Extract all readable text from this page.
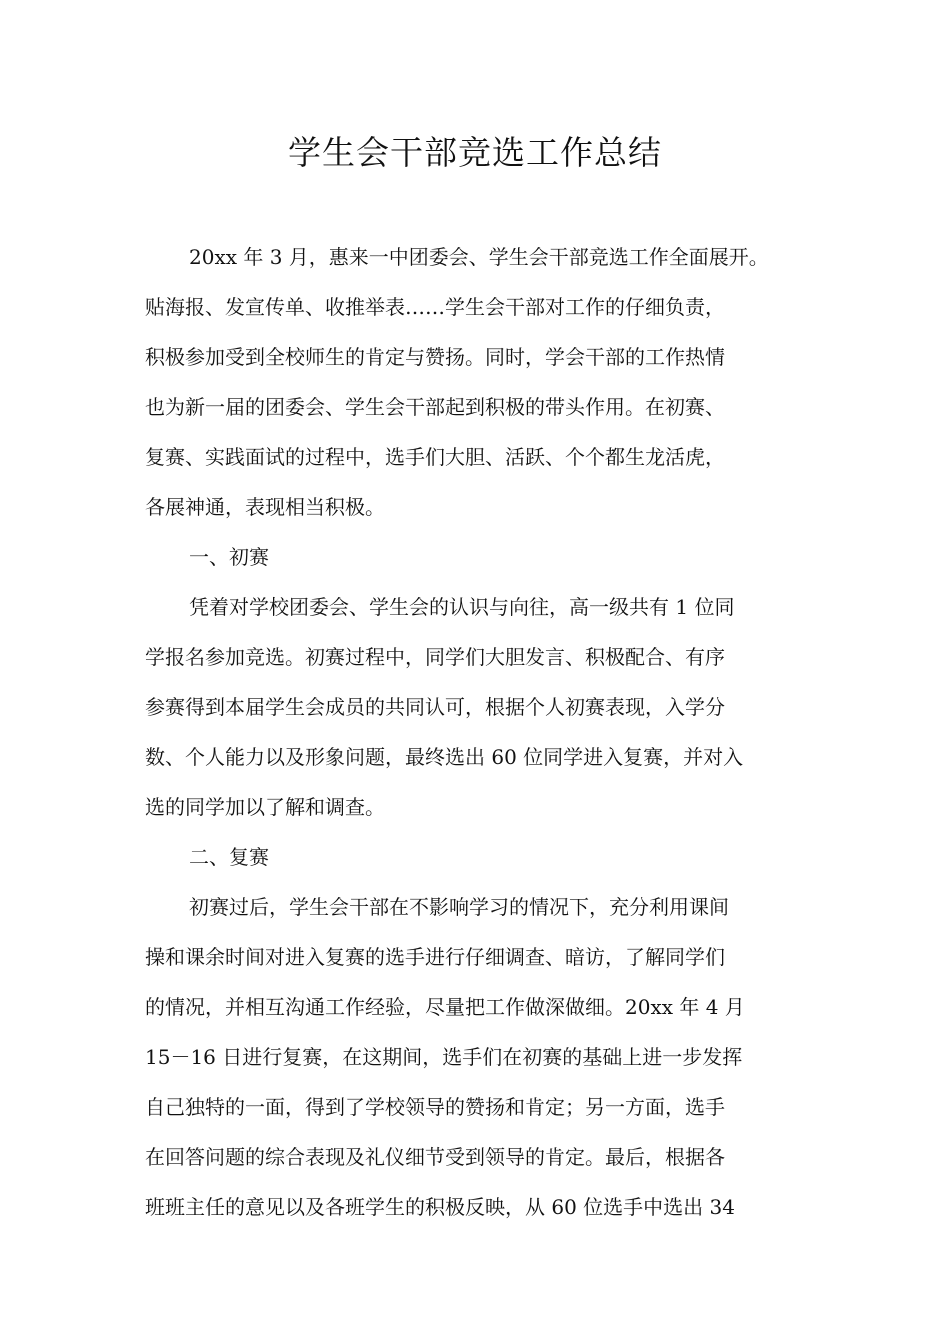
学生会干部竞选工作总结
20xx 年 3 月，惠来一中团委会、学生会干部竞选工作全面展开。
贴海报、发宣传单、收推举表……学生会干部对工作的仔细负责，
积极参加受到全校师生的肯定与赞扬。同时，学会干部的工作热情
也为新一届的团委会、学生会干部起到积极的带头作用。在初赛、
复赛、实践面试的过程中，选手们大胆、活跃、个个都生龙活虎，
各展神通，表现相当积极。
一、初赛
凭着对学校团委会、学生会的认识与向往，高一级共有 1 位同
学报名参加竞选。初赛过程中，同学们大胆发言、积极配合、有序
参赛得到本届学生会成员的共同认可，根据个人初赛表现，入学分
数、个人能力以及形象问题，最终选出 60 位同学进入复赛，并对入
选的同学加以了解和调查。
二、复赛
初赛过后，学生会干部在不影响学习的情况下，充分利用课间
操和课余时间对进入复赛的选手进行仔细调查、暗访，了解同学们
的情况，并相互沟通工作经验，尽量把工作做深做细。20xx 年 4 月
15－16 日进行复赛，在这期间，选手们在初赛的基础上进一步发挥
自己独特的一面，得到了学校领导的赞扬和肯定；另一方面，选手
在回答问题的综合表现及礼仪细节受到领导的肯定。最后，根据各
班班主任的意见以及各班学生的积极反映，从 60 位选手中选出 34
